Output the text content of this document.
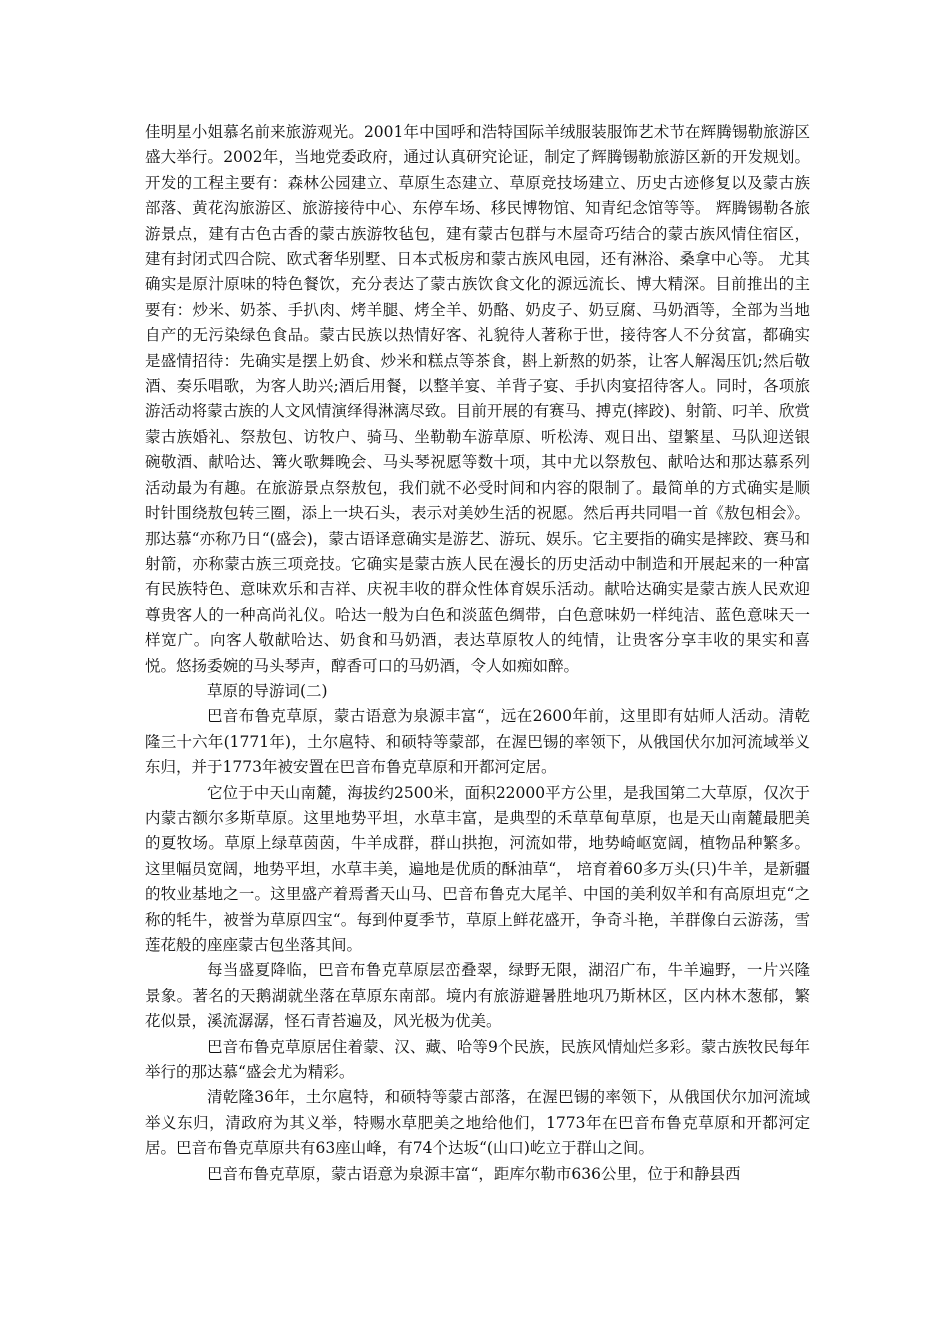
佳明星小姐慕名前来旅游观光。2001年中国呼和浩特国际羊绒服装服饰艺术节在辉腾锡勒旅游区盛大举行。2002年，当地党委政府，通过认真研究论证，制定了辉腾锡勒旅游区新的开发规划。开发的工程主要有：森林公园建立、草原生态建立、草原竞技场建立、历史古迹修复以及蒙古族部落、黄花沟旅游区、旅游接待中心、东停车场、移民博物馆、知青纪念馆等等。 辉腾锡勒各旅游景点，建有古色古香的蒙古族游牧毡包，建有蒙古包群与木屋奇巧结合的蒙古族风情住宿区，建有封闭式四合院、欧式奢华别墅、日本式板房和蒙古族风电园，还有淋浴、桑拿中心等。 尤其确实是原汁原味的特色餐饮，充分表达了蒙古族饮食文化的源远流长、博大精深。目前推出的主要有：炒米、奶茶、手扒肉、烤羊腿、烤全羊、奶酪、奶皮子、奶豆腐、马奶酒等，全部为当地自产的无污染绿色食品。蒙古民族以热情好客、礼貌待人著称于世，接待客人不分贫富，都确实是盛情招待：先确实是摆上奶食、炒米和糕点等茶食，斟上新熬的奶茶，让客人解渴压饥;然后敬酒、奏乐唱歌，为客人助兴;酒后用餐，以整羊宴、羊背子宴、手扒肉宴招待客人。同时，各项旅游活动将蒙古族的人文风情演绎得淋漓尽致。目前开展的有赛马、搏克(摔跤)、射箭、叼羊、欣赏蒙古族婚礼、祭敖包、访牧户、骑马、坐勒勒车游草原、听松涛、观日出、望繁星、马队迎送银碗敬酒、献哈达、篝火歌舞晚会、马头琴祝愿等数十项，其中尤以祭敖包、献哈达和那达慕系列活动最为有趣。在旅游景点祭敖包，我们就不必受时间和内容的限制了。最简单的方式确实是顺时针围绕敖包转三圈，添上一块石头，表示对美妙生活的祝愿。然后再共同唱一首《敖包相会》。 那达慕“亦称乃日“(盛会)，蒙古语译意确实是游艺、游玩、娱乐。它主要指的确实是摔跤、赛马和射箭，亦称蒙古族三项竞技。它确实是蒙古族人民在漫长的历史活动中制造和开展起来的一种富有民族特色、意味欢乐和吉祥、庆祝丰收的群众性体育娱乐活动。献哈达确实是蒙古族人民欢迎尊贵客人的一种高尚礼仪。哈达一般为白色和淡蓝色绸带，白色意味奶一样纯洁、蓝色意味天一样宽广。向客人敬献哈达、奶食和马奶酒，表达草原牧人的纯情，让贵客分享丰收的果实和喜悦。悠扬委婉的马头琴声，醇香可口的马奶酒，令人如痴如醉。

草原的导游词(二)

巴音布鲁克草原，蒙古语意为泉源丰富“，远在2600年前，这里即有姑师人活动。清乾隆三十六年(1771年)，土尔扈特、和硕特等蒙部，在渥巴锡的率领下，从俄国伏尔加河流域举义东归，并于1773年被安置在巴音布鲁克草原和开都河定居。

它位于中天山南麓，海拔约2500米，面积22000平方公里，是我国第二大草原，仅次于内蒙古额尔多斯草原。这里地势平坦，水草丰富，是典型的禾草草甸草原，也是天山南麓最肥美的夏牧场。草原上绿草茵茵，牛羊成群，群山拱抱，河流如带，地势崎岖宽阔，植物品种繁多。这里幅员宽阔，地势平坦，水草丰美，遍地是优质的酥油草“， 培育着60多万头(只)牛羊，是新疆的牧业基地之一。这里盛产着焉耆天山马、巴音布鲁克大尾羊、中国的美利奴羊和有高原坦克“之称的牦牛，被誉为草原四宝“。每到仲夏季节，草原上鲜花盛开，争奇斗艳，羊群像白云游荡，雪莲花般的座座蒙古包坐落其间。

每当盛夏降临，巴音布鲁克草原层峦叠翠，绿野无限，湖沼广布，牛羊遍野，一片兴隆景象。著名的天鹅湖就坐落在草原东南部。境内有旅游避暑胜地巩乃斯林区，区内林木葱郁，繁花似景，溪流潺潺，怪石青苔遍及，风光极为优美。

巴音布鲁克草原居住着蒙、汉、藏、哈等9个民族，民族风情灿烂多彩。蒙古族牧民每年举行的那达慕“盛会尤为精彩。

清乾隆36年，土尔扈特，和硕特等蒙古部落，在渥巴锡的率领下，从俄国伏尔加河流域举义东归，清政府为其义举，特赐水草肥美之地给他们，1773年在巴音布鲁克草原和开都河定居。巴音布鲁克草原共有63座山峰，有74个达坂“(山口)屹立于群山之间。

巴音布鲁克草原，蒙古语意为泉源丰富“，距库尔勒市636公里，位于和静县西
